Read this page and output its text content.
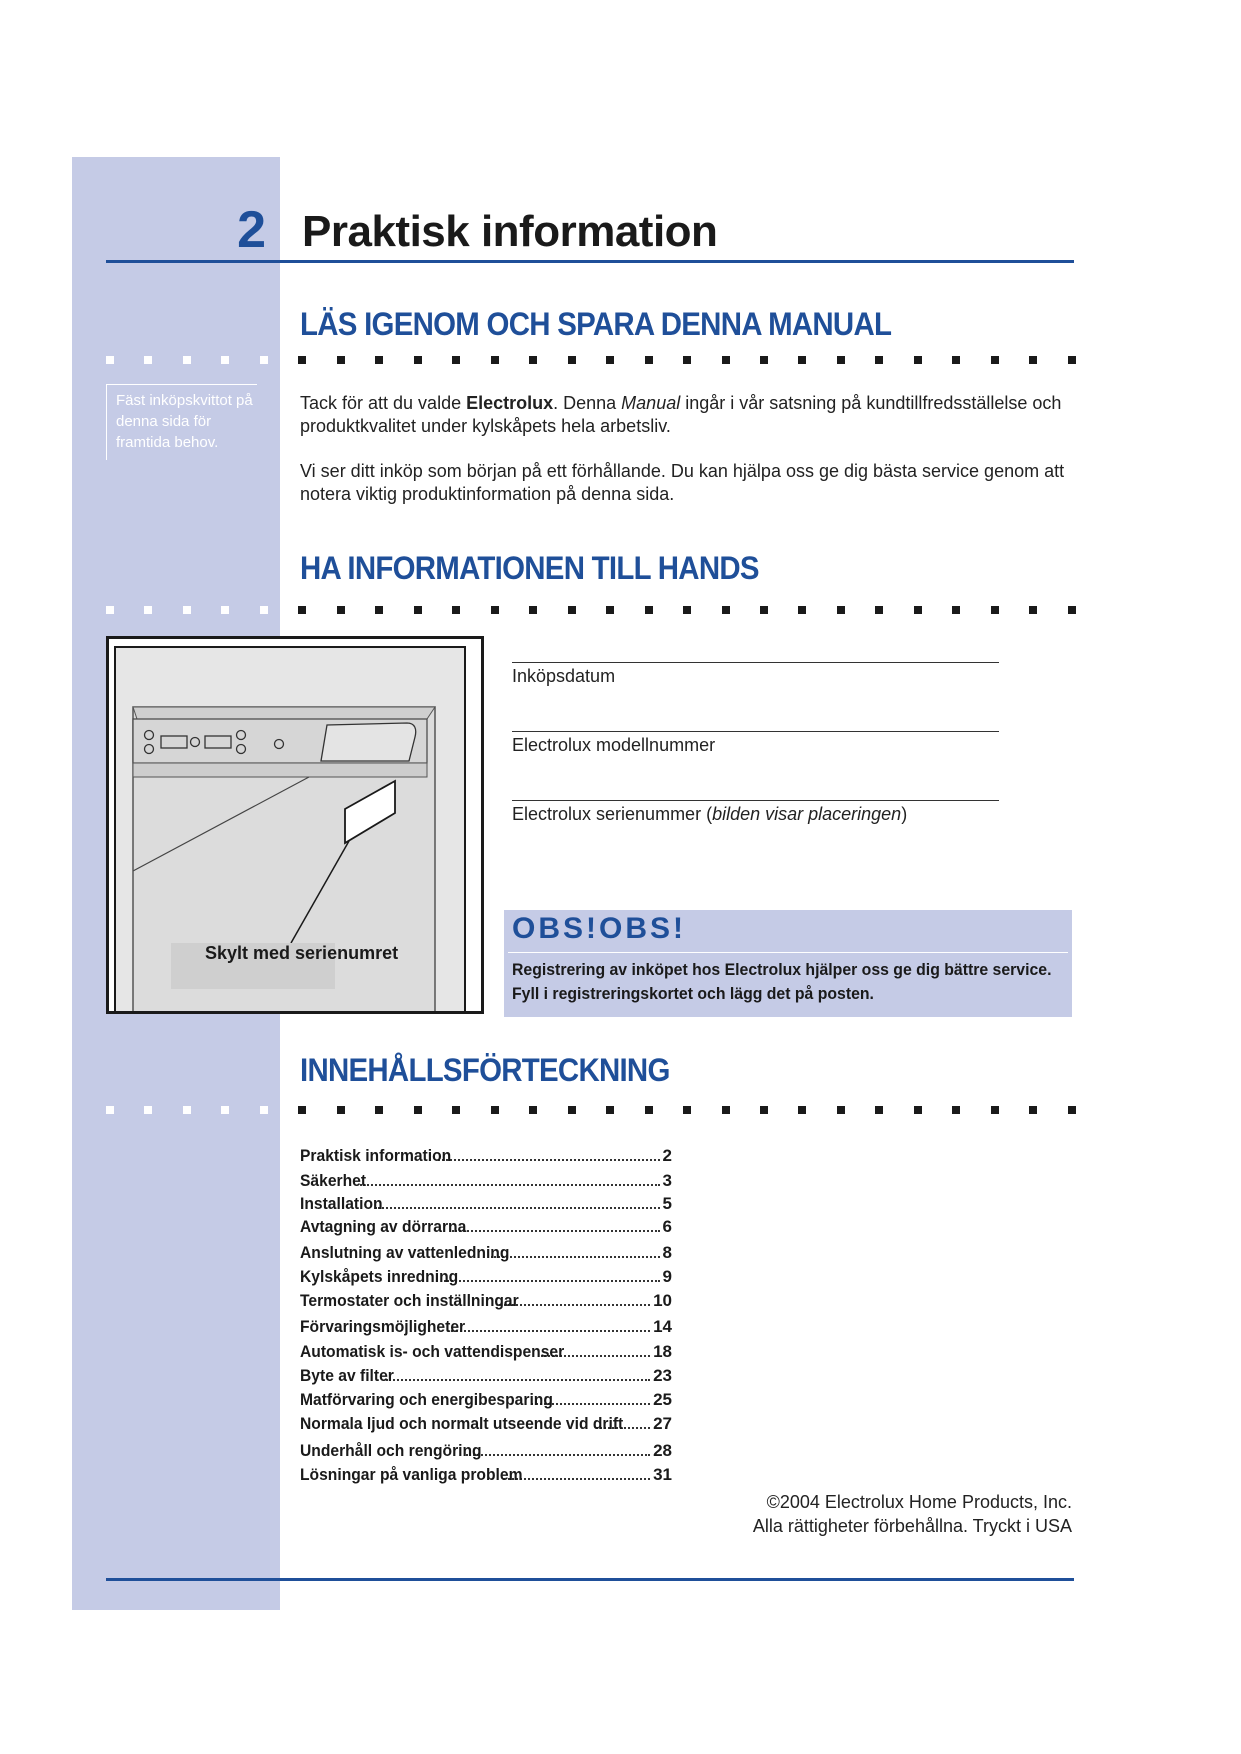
2 Praktisk information
LÄS IGENOM OCH SPARA DENNA MANUAL
Fäst inköpskvittot på denna sida för framtida behov.
Tack för att du valde Electrolux. Denna Manual ingår i vår satsning på kundtillfredsställelse och produktkvalitet under kylskåpets hela arbetsliv.
Vi ser ditt inköp som början på ett förhållande. Du kan hjälpa oss ge dig bästa service genom att notera viktig produktinformation på denna sida.
HA INFORMATIONEN TILL HANDS
Skylt med serienumret
Inköpsdatum
Electrolux modellnummer
Electrolux serienummer (bilden visar placeringen)
OBS!OBS!
Registrering av inköpet hos Electrolux hjälper oss ge dig bättre service.
Fyll i registreringskortet och lägg det på posten.
INNEHÅLLSFÖRTECKNING
Praktisk information	2
Säkerhet	3
Installation	5
Avtagning av dörrarna	6
Anslutning av vattenledning	8
Kylskåpets inredning	9
Termostater och inställningar	10
Förvaringsmöjligheter	14
Automatisk is- och vattendispenser	18
Byte av filter	23
Matförvaring och energibesparing	25
Normala ljud och normalt utseende vid drift 27
Underhåll och rengöring	28
Lösningar på vanliga problem	31
©2004 Electrolux Home Products, Inc.
Alla rättigheter förbehållna. Tryckt i USA
